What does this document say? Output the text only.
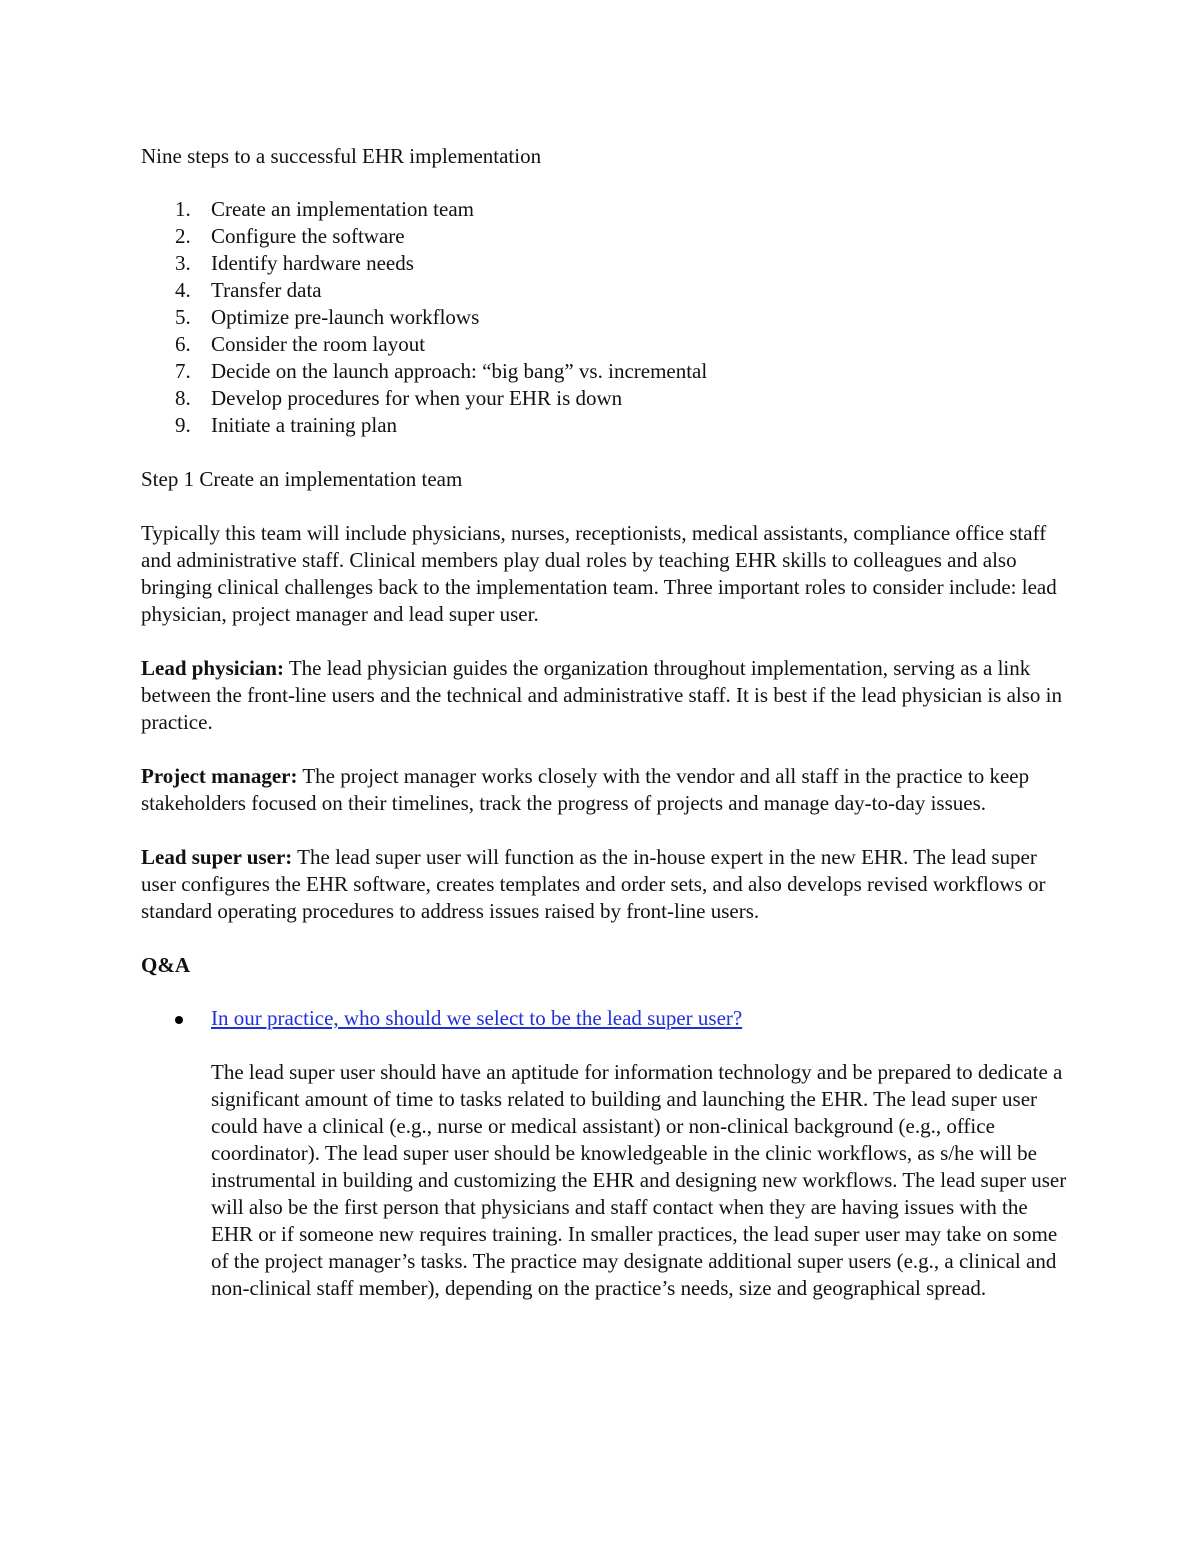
Nine steps to a successful EHR implementation
1. Create an implementation team
2. Configure the software
3. Identify hardware needs
4. Transfer data
5. Optimize pre-launch workflows
6. Consider the room layout
7. Decide on the launch approach: “big bang” vs. incremental
8. Develop procedures for when your EHR is down
9. Initiate a training plan

Step 1 Create an implementation team

Typically this team will include physicians, nurses, receptionists, medical assistants, compliance office staff and administrative staff. Clinical members play dual roles by teaching EHR skills to colleagues and also bringing clinical challenges back to the implementation team. Three important roles to consider include: lead physician, project manager and lead super user.

Lead physician: The lead physician guides the organization throughout implementation, serving as a link between the front-line users and the technical and administrative staff. It is best if the lead physician is also in practice.

Project manager: The project manager works closely with the vendor and all staff in the practice to keep stakeholders focused on their timelines, track the progress of projects and manage day-to-day issues.

Lead super user: The lead super user will function as the in-house expert in the new EHR. The lead super user configures the EHR software, creates templates and order sets, and also develops revised workflows or standard operating procedures to address issues raised by front-line users.

Q&A
In our practice, who should we select to be the lead super user?
The lead super user should have an aptitude for information technology and be prepared to dedicate a significant amount of time to tasks related to building and launching the EHR. The lead super user could have a clinical (e.g., nurse or medical assistant) or non-clinical background (e.g., office coordinator). The lead super user should be knowledgeable in the clinic workflows, as s/he will be instrumental in building and customizing the EHR and designing new workflows. The lead super user will also be the first person that physicians and staff contact when they are having issues with the EHR or if someone new requires training. In smaller practices, the lead super user may take on some of the project manager’s tasks. The practice may designate additional super users (e.g., a clinical and non-clinical staff member), depending on the practice’s needs, size and geographical spread.
